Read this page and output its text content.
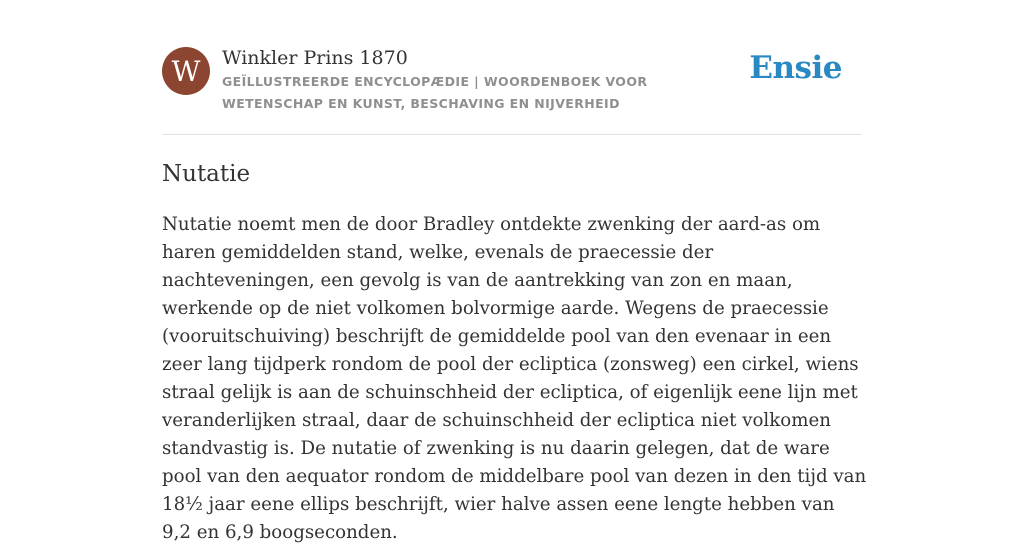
W	Winkler Prins 1870
GEÏLLUSTREERDE ENCYCLOPÆDIE | WOORDENBOEK VOOR WETENSCHAP EN KUNST, BESCHAVING EN NIJVERHEID
Ensie
Nutatie

Nutatie noemt men de door Bradley ontdekte zwenking der aard-as om haren gemiddelden stand, welke, evenals de praecessie der nachteveningen, een gevolg is van de aantrekking van zon en maan, werkende op de niet volkomen bolvormige aarde. Wegens de praecessie (vooruitschuiving) beschrijft de gemiddelde pool van den evenaar in een zeer lang tijdperk rondom de pool der ecliptica (zonsweg) een cirkel, wiens straal gelijk is aan de schuinschheid der ecliptica, of eigenlijk eene lijn met veranderlijken straal, daar de schuinschheid der ecliptica niet volkomen standvastig is. De nutatie of zwenking is nu daarin gelegen, dat de ware pool van den aequator rondom de middelbare pool van dezen in den tijd van 18½ jaar eene ellips beschrijft, wier halve assen eene lengte hebben van 9,2 en 6,9 boogseconden.
